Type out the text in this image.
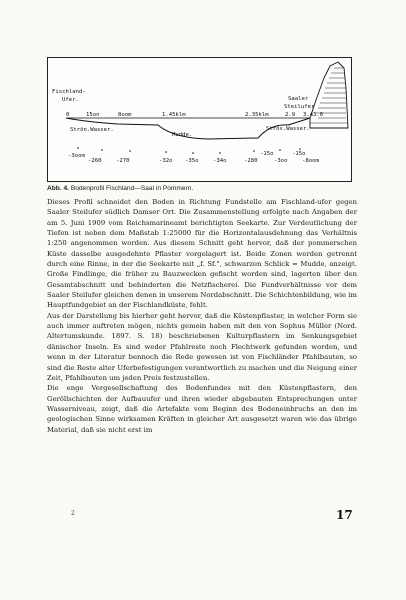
Fischland-
Ufer.	Saaler
Steilufer
0	15on	8oom	1.45klm	2.35klm	2.9 3.4 3.6
Strön.Wasser.
Mudde.
Ströx.Wasser.
-3oom
-260	-270	-32o -35o	-34o	-280
-15o	-15o
-3oo	-8oom
Abb. 4. Bodenprofil Fischland—Saal in Pommern.

Dieses Profil schneidet den Boden in Richtung Fundstelle am Fischland-ufer gegen Saaler Steilufer südlich Damser Ort. Die Zusammenstellung erfolgte nach Angaben der am 5. Juni 1909 vom Reichsmarineamt berichtigten Seekarte. Zur Verdeutlichung der Tiefen ist neben dem Maßstab 1:25000 für die Horizontalausdehnung das Verhältnis 1:250 angenommen worden. Aus diesem Schnitt geht hervor, daß der pommerschen Küste dasselbe ausgedehnte Pflaster vorgelagert ist. Beide Zonen werden getrennt durch eine Rinne, in der die Seekarte mit „f. Sf.", schwarzen Schlick = Mudde, anzeigt. Große Findlinge, die früher zu Bauzwecken gefischt worden sind, lagerten über den Gesamtabschnitt und behinderten die Netzfischerei. Die Fundverhältnisse vor dem Saaler Steilufer gleichen denen in unserem Nordabschnitt. Die Schichtenbildung, wie im Hauptfundgebiet an der Fischlandküste, fehlt.

Aus der Darstellung bis hierher geht hervor, daß die Küstenpflaster, in welcher Form sie auch immer auftreten mögen, nichts gemein haben mit den von Sophus Müller (Nord. Altertumskunde. 1897. S. 18) beschriebenen Kulturpflastern im Senkungsgebiet dänischer Inseln. Es sind weder Pfahlreste noch Flechtwerk gefunden worden, und wenn in der Literatur bennoch die Rede gewesen ist von Fischländer Pfahlbauten, so sind die Reste alter Uferbefestigungen verantwortlich zu machen und die Neigung einer Zeit, Pfahlbauten um jeden Preis festzustellen.

Die enge Vergesellschaftung des Bodenfundes mit den Küstenpflastern, den Geröllschichten der Aufbauufer und ihren wieder abgebauten Entsprechungen unter Wasserniveau, zeigt, daß die Artefakte vom Beginn des Bodeneinbruchs an den im geologischen Sinne wirksamen Kräften in gleicher Art ausgesetzt waren wie das übrige Material, daß sie nicht erst im

2	17
